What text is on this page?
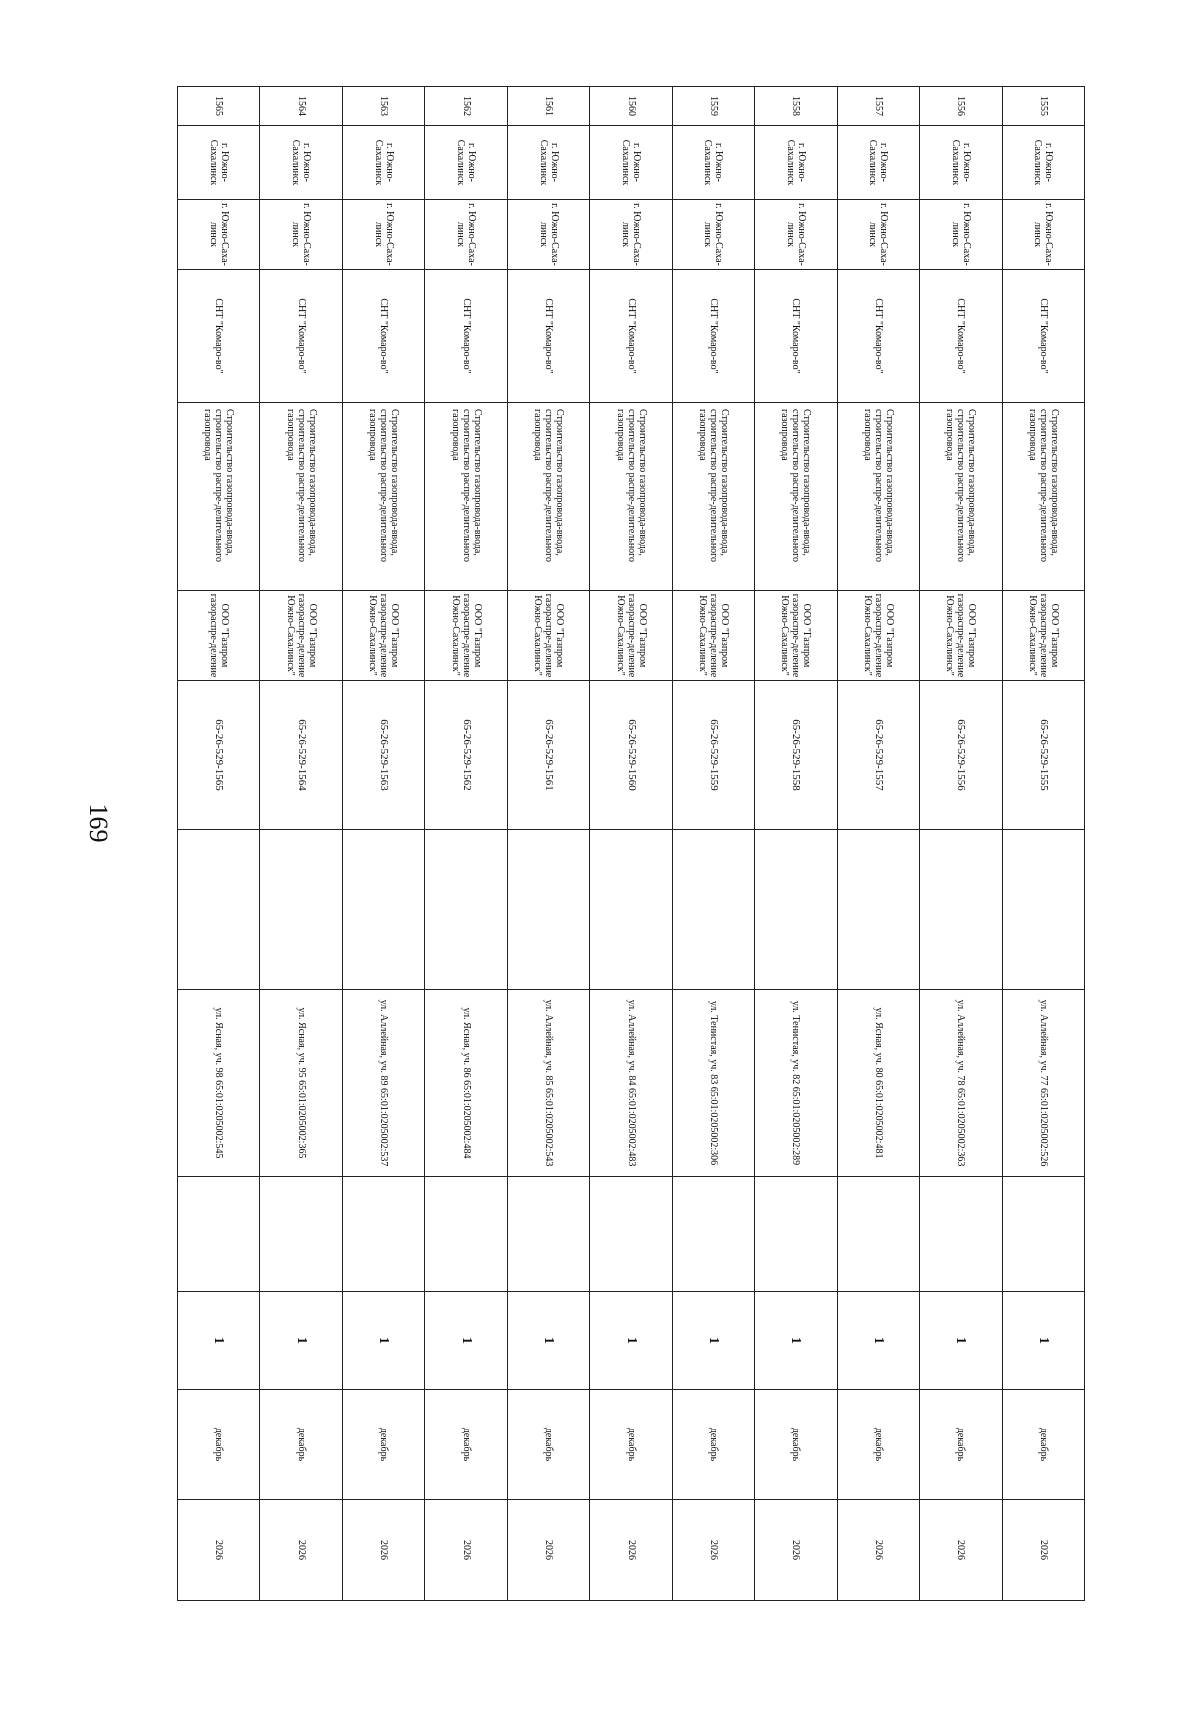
169
1555	г. Южно-Сахалинск	г. Южно-Саха-линск	СНТ "Комаро-во"	Строительство газопровода-ввода, строительство распре-делительного газопровода	ООО "Газпром газораспре-деление Южно-Сахалинск"	65-26-529-1555		ул. Аллейная, уч. 77 65:01:0205002:526		1	декабрь	2026
1556	г. Южно-Сахалинск	г. Южно-Саха-линск	СНТ "Комаро-во"	Строительство газопровода-ввода, строительство распре-делительного газопровода	ООО "Газпром газораспре-деление Южно-Сахалинск"	65-26-529-1556		ул. Аллейная, уч. 78 65:01:0205002:363		1	декабрь	2026
1557	г. Южно-Сахалинск	г. Южно-Саха-линск	СНТ "Комаро-во"	Строительство газопровода-ввода, строительство распре-делительного газопровода	ООО "Газпром газораспре-деление Южно-Сахалинск"	65-26-529-1557		ул. Ясная, уч. 80 65:01:0205002:481		1	декабрь	2026
1558	г. Южно-Сахалинск	г. Южно-Саха-линск	СНТ "Комаро-во"	Строительство газопровода-ввода, строительство распре-делительного газопровода	ООО "Газпром газораспре-деление Южно-Сахалинск"	65-26-529-1558		ул. Тенистая, уч. 82 65:01:0205002:289		1	декабрь	2026
1559	г. Южно-Сахалинск	г. Южно-Саха-линск	СНТ "Комаро-во"	Строительство газопровода-ввода, строительство распре-делительного газопровода	ООО "Газпром газораспре-деление Южно-Сахалинск"	65-26-529-1559		ул. Тенистая, уч. 83 65:01:0205002:306		1	декабрь	2026
1560	г. Южно-Сахалинск	г. Южно-Саха-линск	СНТ "Комаро-во"	Строительство газопровода-ввода, строительство распре-делительного газопровода	ООО "Газпром газораспре-деление Южно-Сахалинск"	65-26-529-1560		ул. Аллейная, уч. 84 65:01:0205002:483		1	декабрь	2026
1561	г. Южно-Сахалинск	г. Южно-Саха-линск	СНТ "Комаро-во"	Строительство газопровода-ввода, строительство распре-делительного газопровода	ООО "Газпром газораспре-деление Южно-Сахалинск"	65-26-529-1561		ул. Аллейная, уч. 85 65:01:0205002:543		1	декабрь	2026
1562	г. Южно-Сахалинск	г. Южно-Саха-линск	СНТ "Комаро-во"	Строительство газопровода-ввода, строительство распре-делительного газопровода	ООО "Газпром газораспре-деление Южно-Сахалинск"	65-26-529-1562		ул. Ясная, уч. 86 65:01:0205002:484		1	декабрь	2026
1563	г. Южно-Сахалинск	г. Южно-Саха-линск	СНТ "Комаро-во"	Строительство газопровода-ввода, строительство распре-делительного газопровода	ООО "Газпром газораспре-деление Южно-Сахалинск"	65-26-529-1563		ул. Аллейная, уч. 89 65:01:0205002:537		1	декабрь	2026
1564	г. Южно-Сахалинск	г. Южно-Саха-линск	СНТ "Комаро-во"	Строительство газопровода-ввода, строительство распре-делительного газопровода	ООО "Газпром газораспре-деление Южно-Сахалинск"	65-26-529-1564		ул. Ясная, уч. 95 65:01:0205002:365		1	декабрь	2026
1565	г. Южно-Сахалинск	г. Южно-Саха-линск	СНТ "Комаро-во"	Строительство газопровода-ввода, строительство распре-делительного газопровода	ООО "Газпром газораспре-деление	65-26-529-1565		ул. Ясная, уч. 98 65:01:0205002:545		1	декабрь	2026
